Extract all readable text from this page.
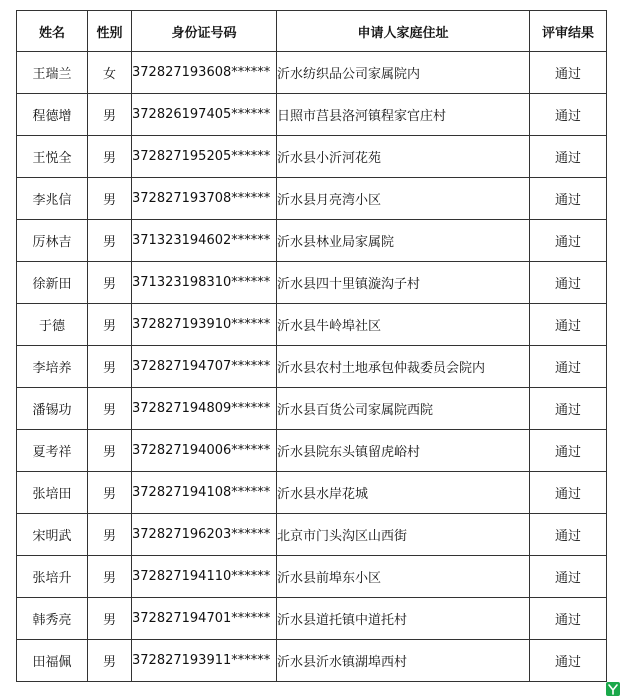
姓名	性别	身份证号码	申请人家庭住址	评审结果
王瑞兰	女	372827193608******	沂水纺织品公司家属院内	通过
程德增	男	372826197405******	日照市莒县洛河镇程家官庄村	通过
王悦全	男	372827195205******	沂水县小沂河花苑	通过
李兆信	男	372827193708******	沂水县月亮湾小区	通过
厉林吉	男	371323194602******	沂水县林业局家属院	通过
徐新田	男	371323198310******	沂水县四十里镇漩沟子村	通过
于德	男	372827193910******	沂水县牛岭埠社区	通过
李培养	男	372827194707******	沂水县农村土地承包仲裁委员会院内	通过
潘锡功	男	372827194809******	沂水县百货公司家属院西院	通过
夏考祥	男	372827194006******	沂水县院东头镇留虎峪村	通过
张培田	男	372827194108******	沂水县水岸花城	通过
宋明武	男	372827196203******	北京市门头沟区山西街	通过
张培升	男	372827194110******	沂水县前埠东小区	通过
韩秀亮	男	372827194701******	沂水县道托镇中道托村	通过
田福佩	男	372827193911******	沂水县沂水镇湖埠西村	通过
